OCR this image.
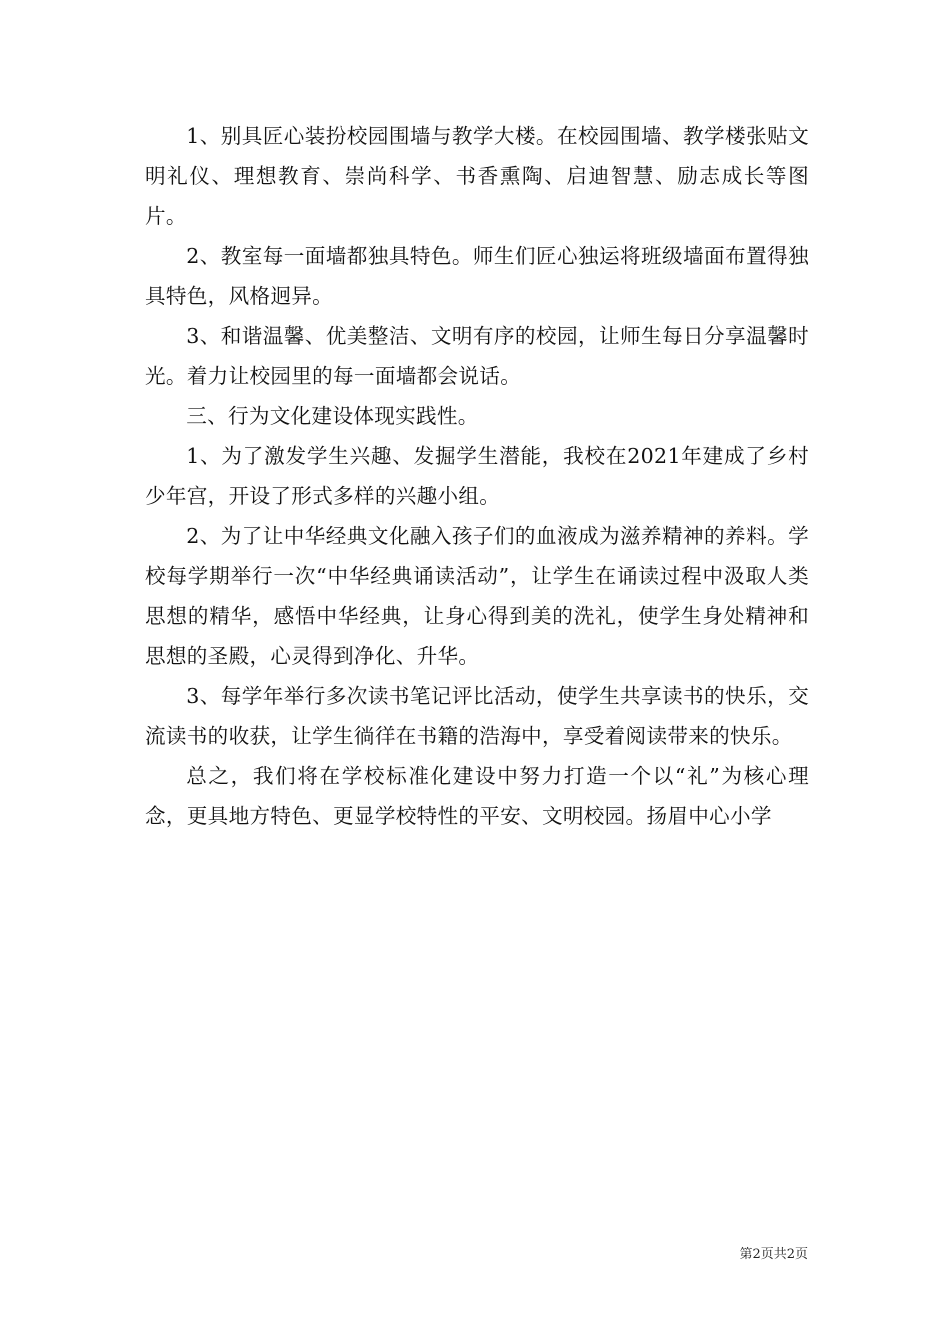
1、别具匠心装扮校园围墙与教学大楼。在校园围墙、教学楼张贴文明礼仪、理想教育、崇尚科学、书香熏陶、启迪智慧、励志成长等图片。

2、教室每一面墙都独具特色。师生们匠心独运将班级墙面布置得独具特色，风格迥异。

3、和谐温馨、优美整洁、文明有序的校园，让师生每日分享温馨时光。着力让校园里的每一面墙都会说话。

三、行为文化建设体现实践性。

1、为了激发学生兴趣、发掘学生潜能，我校在2021年建成了乡村少年宫，开设了形式多样的兴趣小组。

2、为了让中华经典文化融入孩子们的血液成为滋养精神的养料。学校每学期举行一次“中华经典诵读活动”，让学生在诵读过程中汲取人类思想的精华，感悟中华经典，让身心得到美的洗礼，使学生身处精神和思想的圣殿，心灵得到净化、升华。

3、每学年举行多次读书笔记评比活动，使学生共享读书的快乐，交流读书的收获，让学生徜徉在书籍的浩海中，享受着阅读带来的快乐。

总之，我们将在学校标准化建设中努力打造一个以“礼”为核心理念，更具地方特色、更显学校特性的平安、文明校园。扬眉中心小学

第2页共2页
